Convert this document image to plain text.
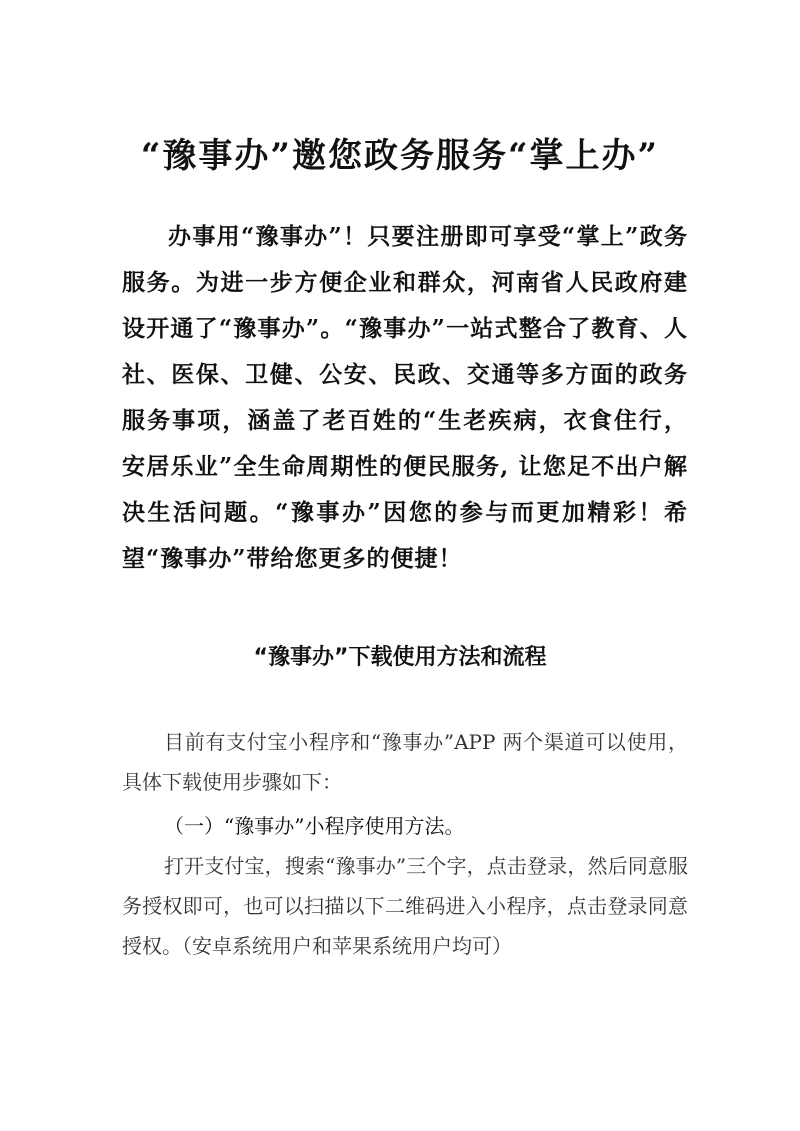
“豫事办”邀您政务服务“掌上办”

办事用“豫事办”！只要注册即可享受“掌上”政务服务。为进一步方便企业和群众，河南省人民政府建设开通了“豫事办”。“豫事办”一站式整合了教育、人社、医保、卫健、公安、民政、交通等多方面的政务服务事项，涵盖了老百姓的“生老疾病，衣食住行，安居乐业”全生命周期性的便民服务, 让您足不出户解决生活问题。“豫事办”因您的参与而更加精彩！希望“豫事办”带给您更多的便捷！

“豫事办”下载使用方法和流程

目前有支付宝小程序和“豫事办”APP 两个渠道可以使用，具体下载使用步骤如下：

（一）“豫事办”小程序使用方法。

打开支付宝，搜索“豫事办”三个字，点击登录，然后同意服务授权即可，也可以扫描以下二维码进入小程序，点击登录同意授权。（安卓系统用户和苹果系统用户均可）
